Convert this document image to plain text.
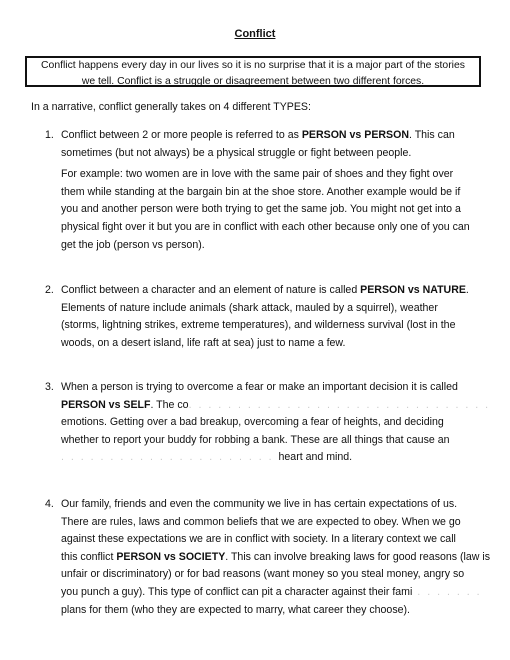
Conflict
Conflict happens every day in our lives so it is no surprise that it is a major part of the stories
we tell. Conflict is a struggle or disagreement between two different forces.
In a narrative, conflict generally takes on 4 different TYPES:
1. Conflict between 2 or more people is referred to as PERSON vs PERSON. This can
sometimes (but not always) be a physical struggle or fight between people.
For example: two women are in love with the same pair of shoes and they fight over
them while standing at the bargain bin at the shoe store. Another example would be if
you and another person were both trying to get the same job. You might not get into a
physical fight over it but you are in conflict with each other because only one of you can
get the job (person vs person).
2. Conflict between a character and an element of nature is called PERSON vs NATURE.
Elements of nature include animals (shark attack, mauled by a squirrel), weather
(storms, lightning strikes, extreme temperatures), and wilderness survival (lost in the
woods, on a desert island, life raft at sea) just to name a few.
3. When a person is trying to overcome a fear or make an important decision it is called
PERSON vs SELF. The co. . . . . . . . . . . . . . . . . . . . . . . . . . . . . . .
emotions. Getting over a bad breakup, overcoming a fear of heights, and deciding
whether to report your buddy for robbing a bank. These are all things that cause an
. . . . . . . . . . . . . . . . . . . . . . heart and mind.
4. Our family, friends and even the community we live in has certain expectations of us.
There are rules, laws and common beliefs that we are expected to obey. When we go
against these expectations we are in conflict with society. In a literary context we call
this conflict PERSON vs SOCIETY. This can involve breaking laws for good reasons (law is
unfair or discriminatory) or for bad reasons (want money so you steal money, angry so
you punch a guy). This type of conflict can pit a character against their fami . . . . . . .
plans for them (who they are expected to marry, what career they choose).
